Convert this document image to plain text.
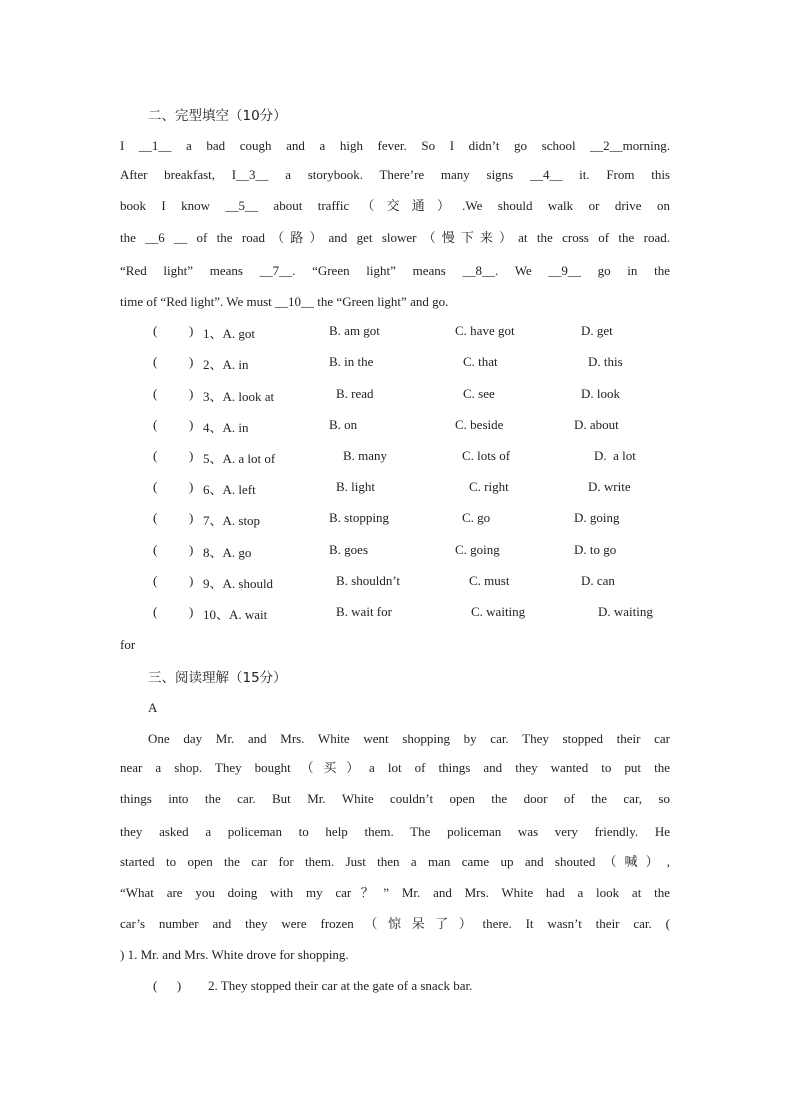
二、完型填空（10分）
I __1__ a bad cough and a high fever. So I didn’t go school __2__morning.
After breakfast, I__3__ a storybook. There’re many signs __4__ it. From this
book I know __5__ about traffic（交通）.We should walk or drive on
the __6 __ of the road（路）and get slower（慢下来）at the cross of the road.
“Red light” means __7__. “Green light” means __8__. We __9__ go in the
time of “Red light”. We must __10__ the “Green light” and go.
( ) 1、A. got	B. am got	C. have got	D. get
( ) 2、A. in	B. in the	C. that	D. this
( ) 3、A. look at	B. read	C. see	D. look
( ) 4、A. in	B. on	C. beside	D. about
( ) 5、A. a lot of	B. many	C. lots of	D.  a lot
( ) 6、A. left	B. light	C. right	D. write
( ) 7、A. stop	B. stopping	C. go	D. going
( ) 8、A. go	B. goes	C. going	D. to go
( ) 9、A. should	B. shouldn’t	C. must	D. can
( ) 10、A. wait	B. wait for	C. waiting	D. waiting
for
三、阅读理解（15分）
A
One day Mr. and Mrs. White went shopping by car. They stopped their car
near a shop. They bought（买）a lot of things and they wanted to put the
things into the car. But Mr. White couldn’t open the door of the car, so
they asked a policeman to help them. The policeman was very friendly. He
started to open the car for them. Just then a man came up and shouted（喊）,
“What are you doing with my car？” Mr. and Mrs. White had a look at the
car’s number and they were frozen（惊呆了）there. It wasn’t their car. (
) 1. Mr. and Mrs. White drove for shopping.
(      ) 2. They stopped their car at the gate of a snack bar.
